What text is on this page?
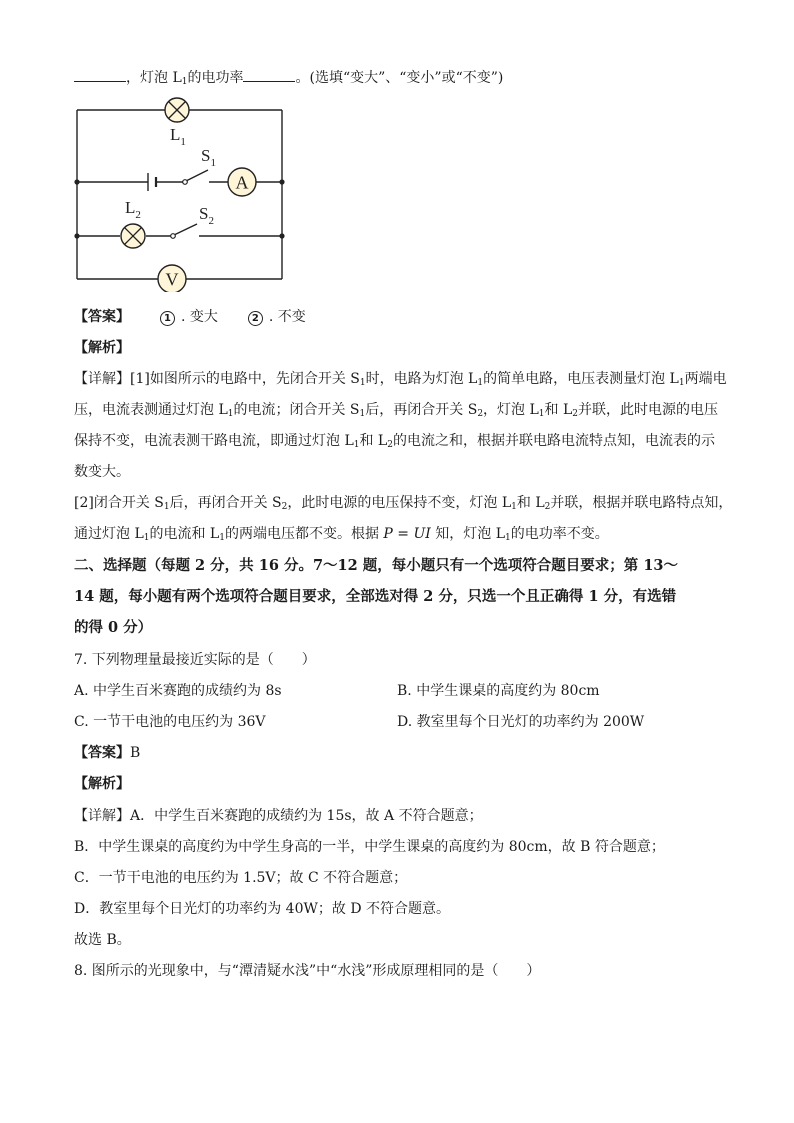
，灯泡 $L_1$的电功率	。(选填“变大”、“变小”或“不变”)
A
V
$L_1$
$S_1$
$L_2$	$S_2$
【答案】	1 . 变大	2 . 不变
【解析】
【详解】[1]如图所示的电路中，先闭合开关 $S_1$时，电路为灯泡 $L_1$的简单电路，电压表测量灯泡 $L_1$两端电
压，电流表测通过灯泡 $L_1$的电流；闭合开关 $S_1$后，再闭合开关 $S_2$，灯泡 $L_1$和 $L_2$并联，此时电源的电压
保持不变，电流表测干路电流，即通过灯泡 $L_1$和 $L_2$的电流之和，根据并联电路电流特点知，电流表的示
数变大。
[2]闭合开关 $S_1$后，再闭合开关 $S_2$，此时电源的电压保持不变，灯泡 $L_1$和 $L_2$并联，根据并联电路特点知，
通过灯泡 $L_1$的电流和 $L_1$的两端电压都不变。根据 P = UI 知，灯泡 $L_1$的电功率不变。
二、选择题（每题 2 分，共 16 分。7～12 题，每小题只有一个选项符合题目要求；第 13～
14 题，每小题有两个选项符合题目要求，全部选对得 2 分，只选一个且正确得 1 分，有选错
的得 0 分）
7. 下列物理量最接近实际的是（　　）
A. 中学生百米赛跑的成绩约为 8s	B. 中学生课桌的高度约为 80cm
C. 一节干电池的电压约为 36V	D. 教室里每个日光灯的功率约为 200W
【答案】B
【解析】
【详解】A．中学生百米赛跑的成绩约为 15s，故 A 不符合题意；
B．中学生课桌的高度约为中学生身高的一半，中学生课桌的高度约为 80cm，故 B 符合题意；
C．一节干电池的电压约为 1.5V；故 C 不符合题意；
D．教室里每个日光灯的功率约为 40W；故 D 不符合题意。
故选 B。
8. 图所示的光现象中，与“潭清疑水浅”中“水浅”形成原理相同的是（　　）
